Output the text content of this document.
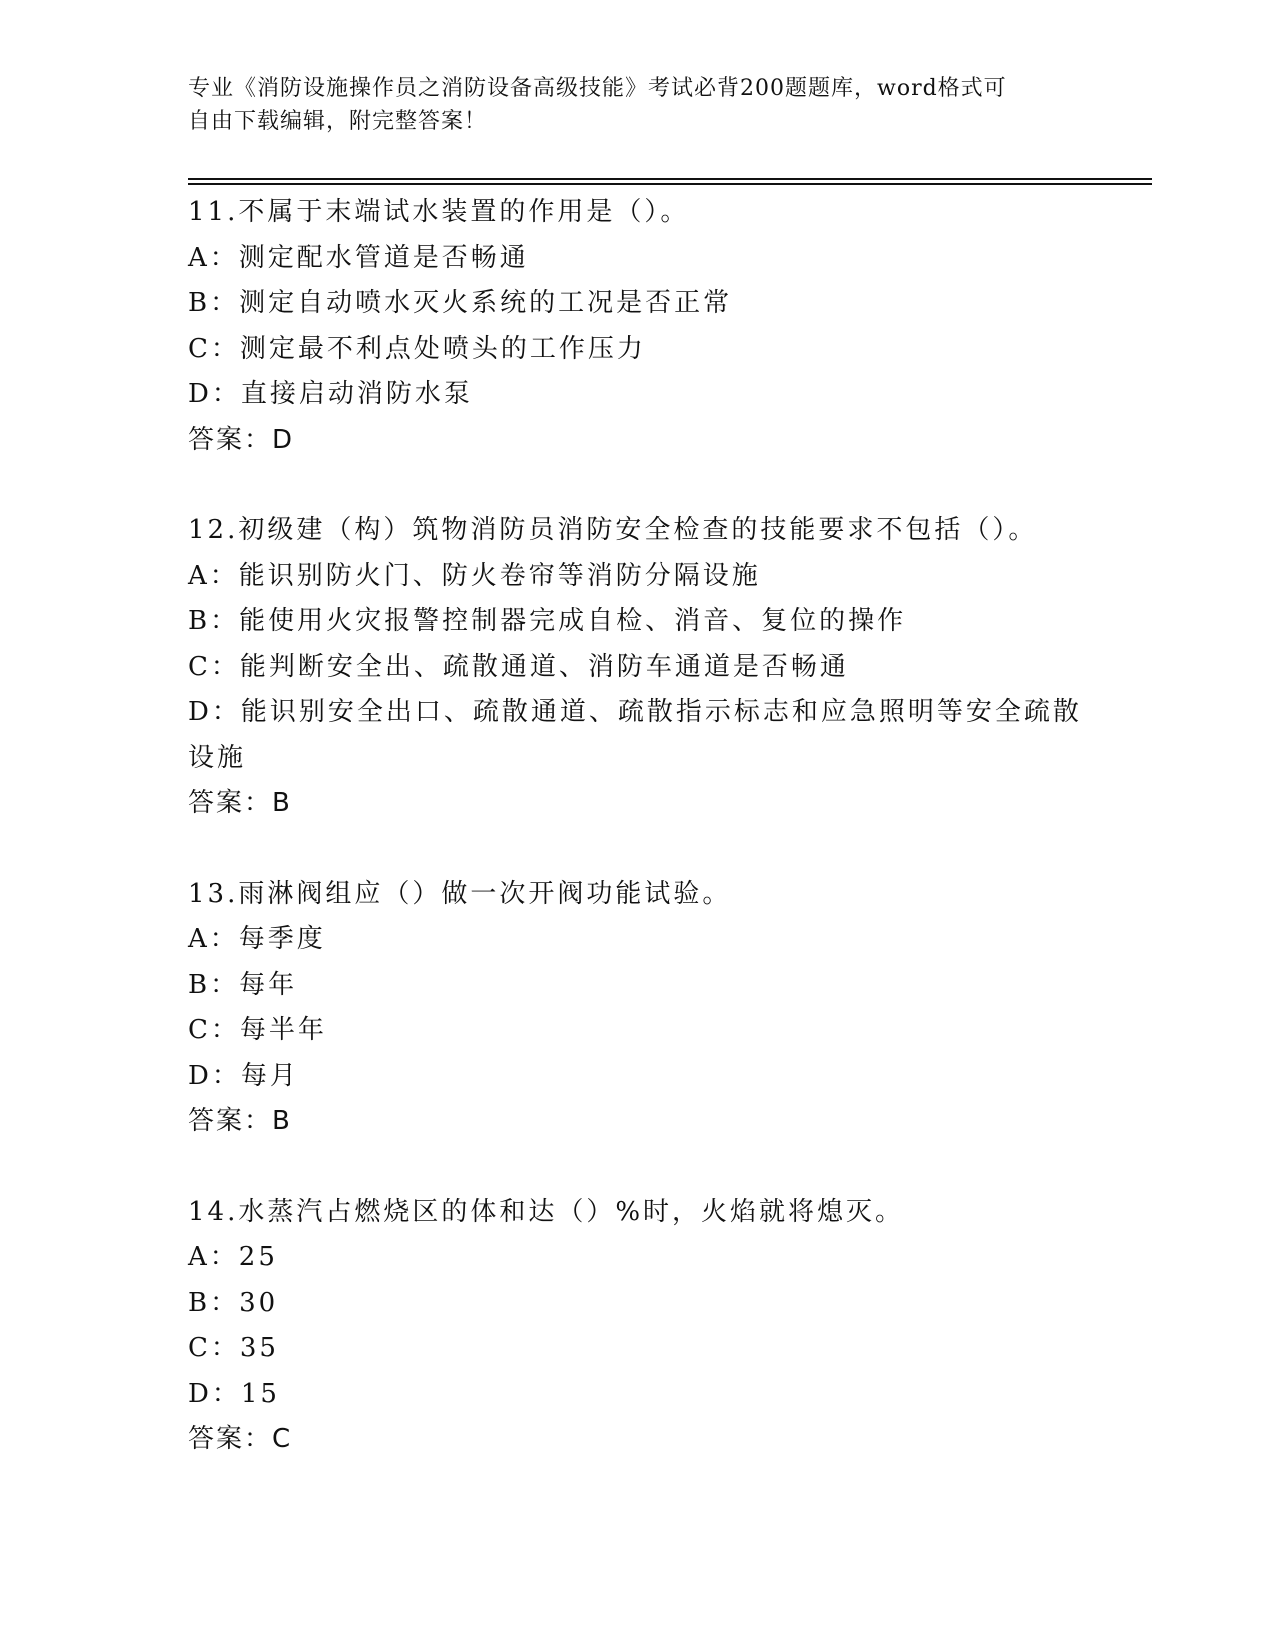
专业《消防设施操作员之消防设备高级技能》考试必背200题题库，word格式可
自由下载编辑，附完整答案！
11.不属于末端试水装置的作用是（）。
A：测定配水管道是否畅通
B：测定自动喷水灭火系统的工况是否正常
C：测定最不利点处喷头的工作压力
D：直接启动消防水泵
答案：D
12.初级建（构）筑物消防员消防安全检查的技能要求不包括（）。
A：能识别防火门、防火卷帘等消防分隔设施
B：能使用火灾报警控制器完成自检、消音、复位的操作
C：能判断安全出、疏散通道、消防车通道是否畅通
D：能识别安全出口、疏散通道、疏散指示标志和应急照明等安全疏散设施
答案：B
13.雨淋阀组应（）做一次开阀功能试验。
A：每季度
B：每年
C：每半年
D：每月
答案：B
14.水蒸汽占燃烧区的体和达（）%时，火焰就将熄灭。
A：25
B：30
C：35
D：15
答案：C
